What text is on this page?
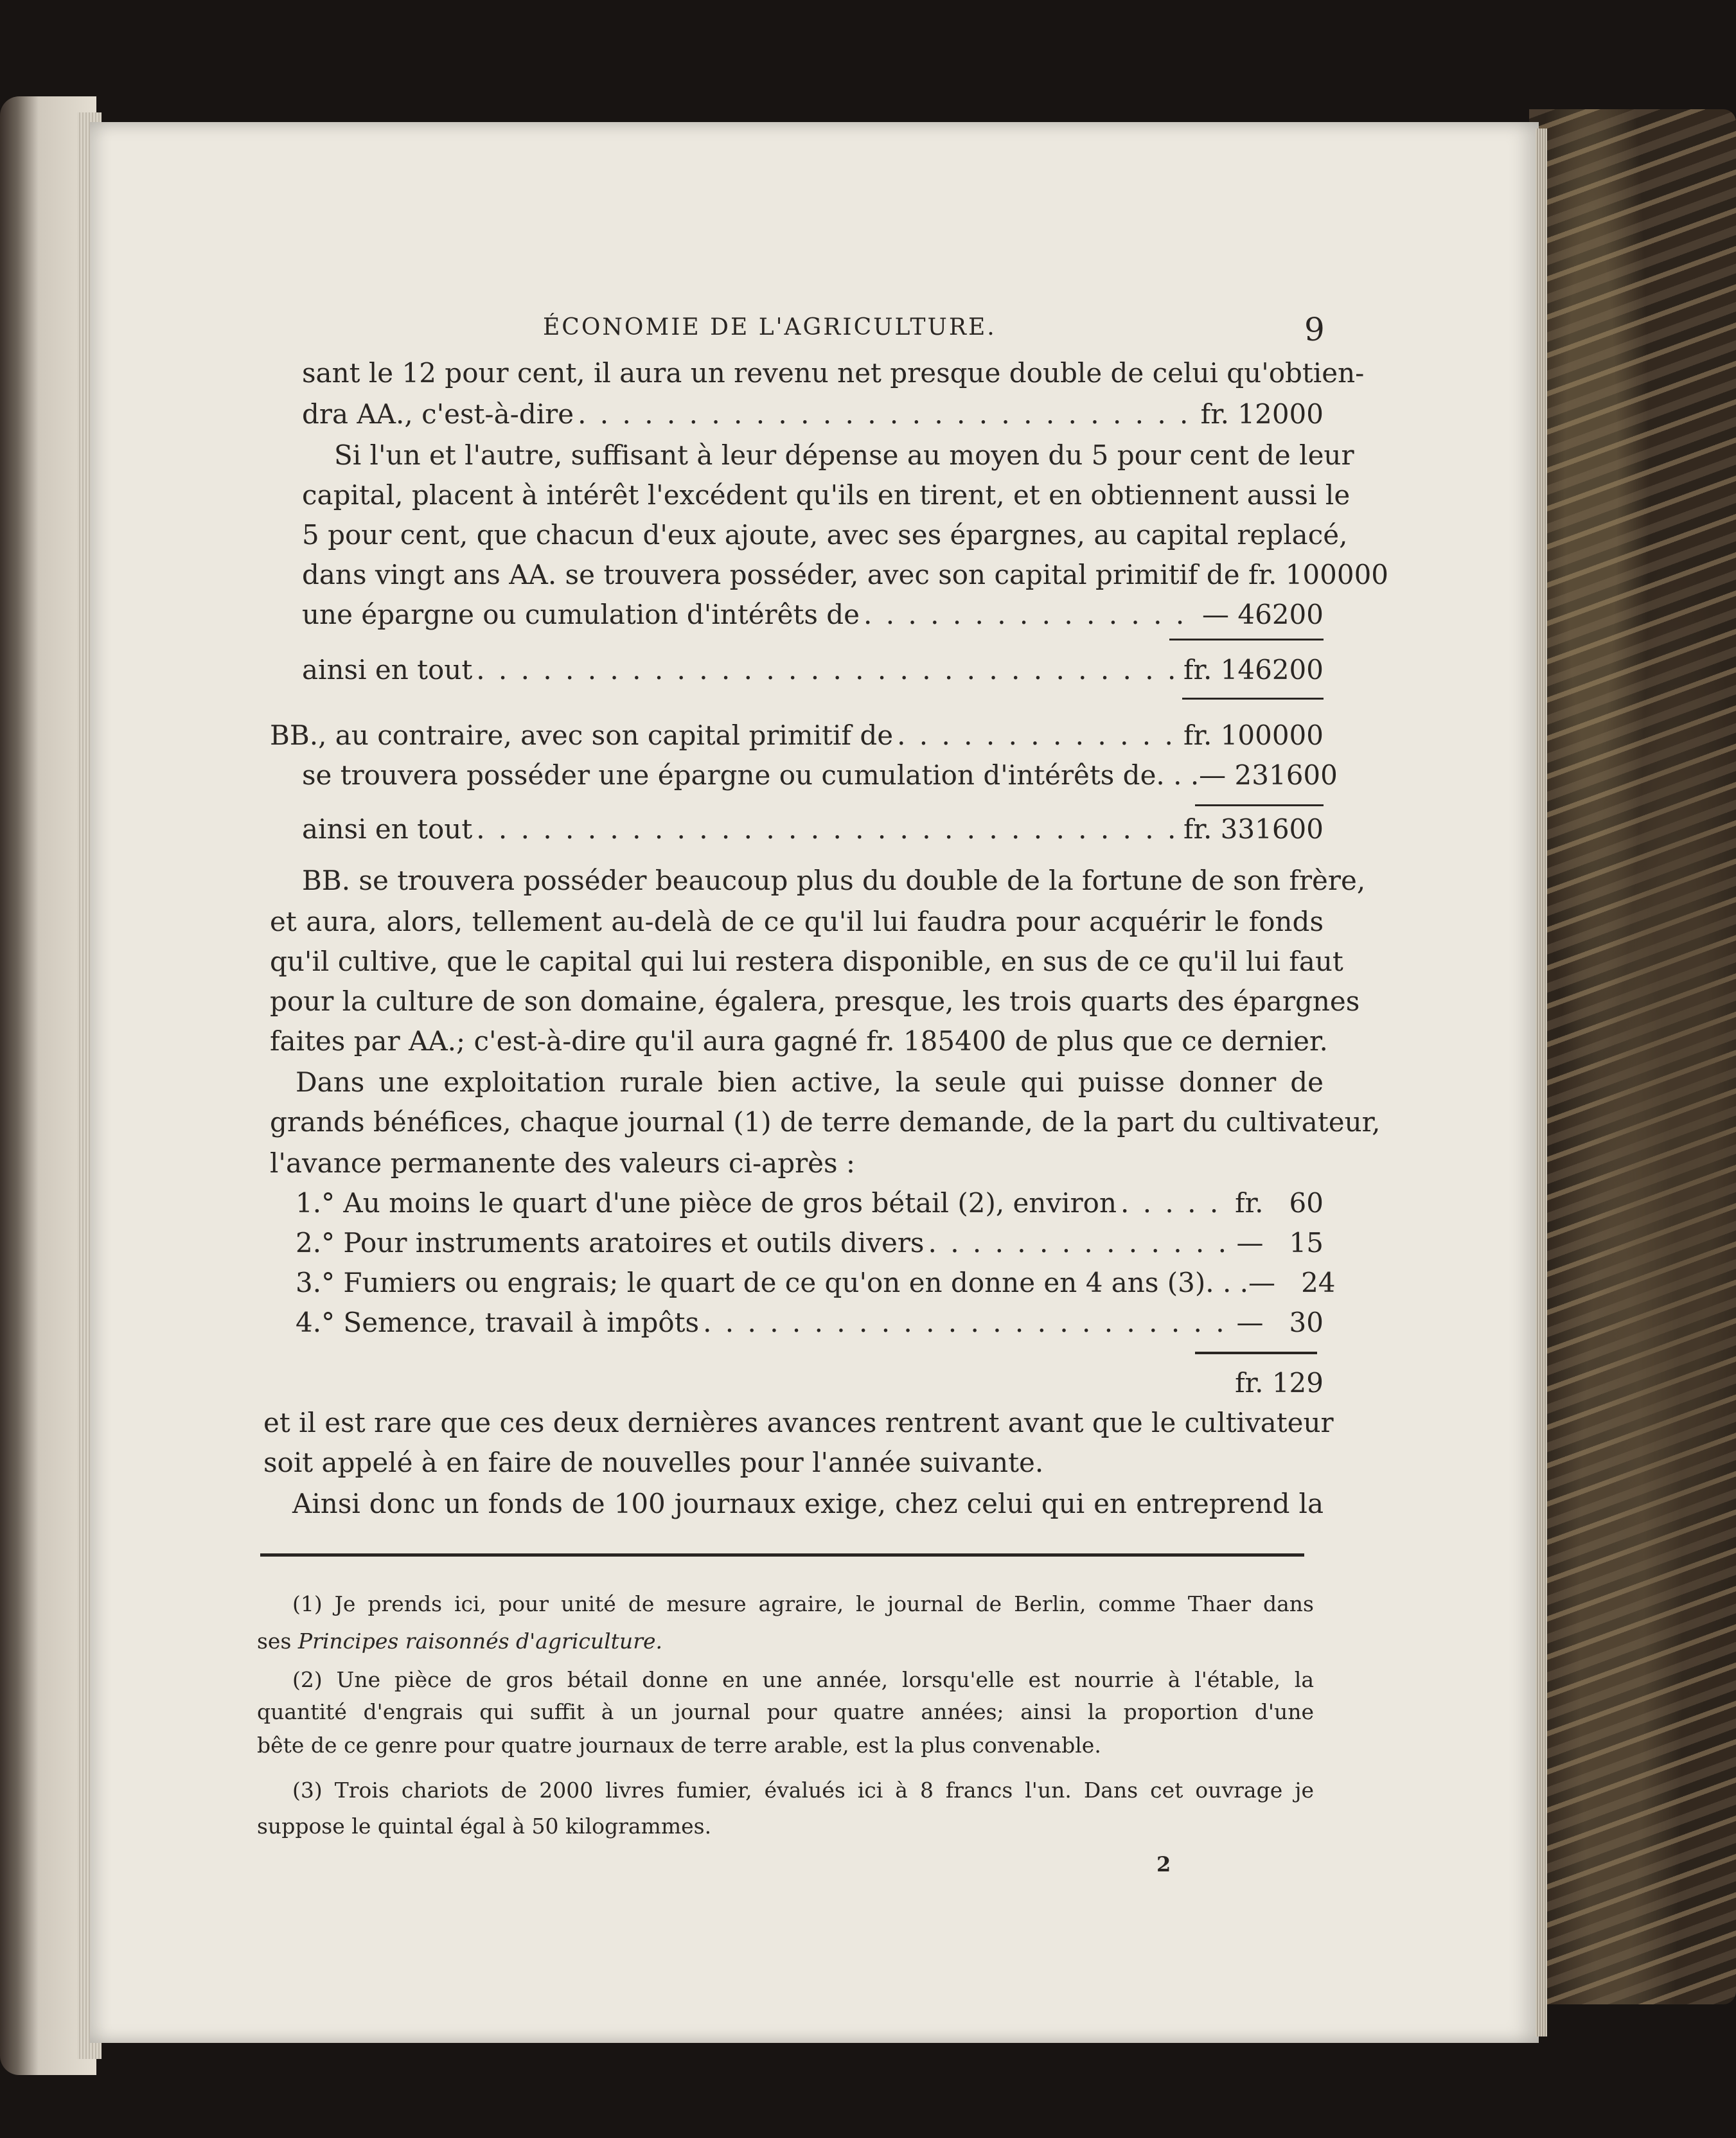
ÉCONOMIE DE L'AGRICULTURE.	9
sant le 12 pour cent, il aura un revenu net presque double de celui qu'obtien-
dra AA., c'est-à-dire . . .	fr. 12000
Si l'un et l'autre, suffisant à leur dépense au moyen du 5 pour cent de leur
capital, placent à intérêt l'excédent qu'ils en tirent, et en obtiennent aussi le
5 pour cent, que chacun d'eux ajoute, avec ses épargnes, au capital replacé,
dans vingt ans AA. se trouvera posséder, avec son capital primitif de fr. 100000
une épargne ou cumulation d'intérêts de . . .	— 46200
ainsi en tout . . .	fr. 146200
BB., au contraire, avec son capital primitif de . . .	fr. 100000
se trouvera posséder une épargne ou cumulation d'intérêts de. . . — 231600
ainsi en tout . . .	fr. 331600
BB. se trouvera posséder beaucoup plus du double de la fortune de son frère,
et aura, alors, tellement au-delà de ce qu'il lui faudra pour acquérir le fonds
qu'il cultive, que le capital qui lui restera disponible, en sus de ce qu'il lui faut
pour la culture de son domaine, égalera, presque, les trois quarts des épargnes
faites par AA.; c'est-à-dire qu'il aura gagné fr. 185400 de plus que ce dernier.
Dans une exploitation rurale bien active, la seule qui puisse donner de
grands bénéfices, chaque journal (1) de terre demande, de la part du cultivateur,
l'avance permanente des valeurs ci-après :
1.° Au moins le quart d'une pièce de gros bétail (2), environ . . .	fr.   60
2.° Pour instruments aratoires et outils divers . . .	—   15
3.° Fumiers ou engrais; le quart de ce qu'on en donne en 4 ans (3). . . —   24
4.° Semence, travail à impôts . . .	—   30
fr. 129
et il est rare que ces deux dernières avances rentrent avant que le cultivateur
soit appelé à en faire de nouvelles pour l'année suivante.
Ainsi donc un fonds de 100 journaux exige, chez celui qui en entreprend la
(1) Je prends ici, pour unité de mesure agraire, le journal de Berlin, comme Thaer dans
ses Principes raisonnés d'agriculture.
(2) Une pièce de gros bétail donne en une année, lorsqu'elle est nourrie à l'étable, la
quantité d'engrais qui suffit à un journal pour quatre années; ainsi la proportion d'une
bête de ce genre pour quatre journaux de terre arable, est la plus convenable.
(3) Trois chariots de 2000 livres fumier, évalués ici à 8 francs l'un. Dans cet ouvrage je
suppose le quintal égal à 50 kilogrammes.
2
